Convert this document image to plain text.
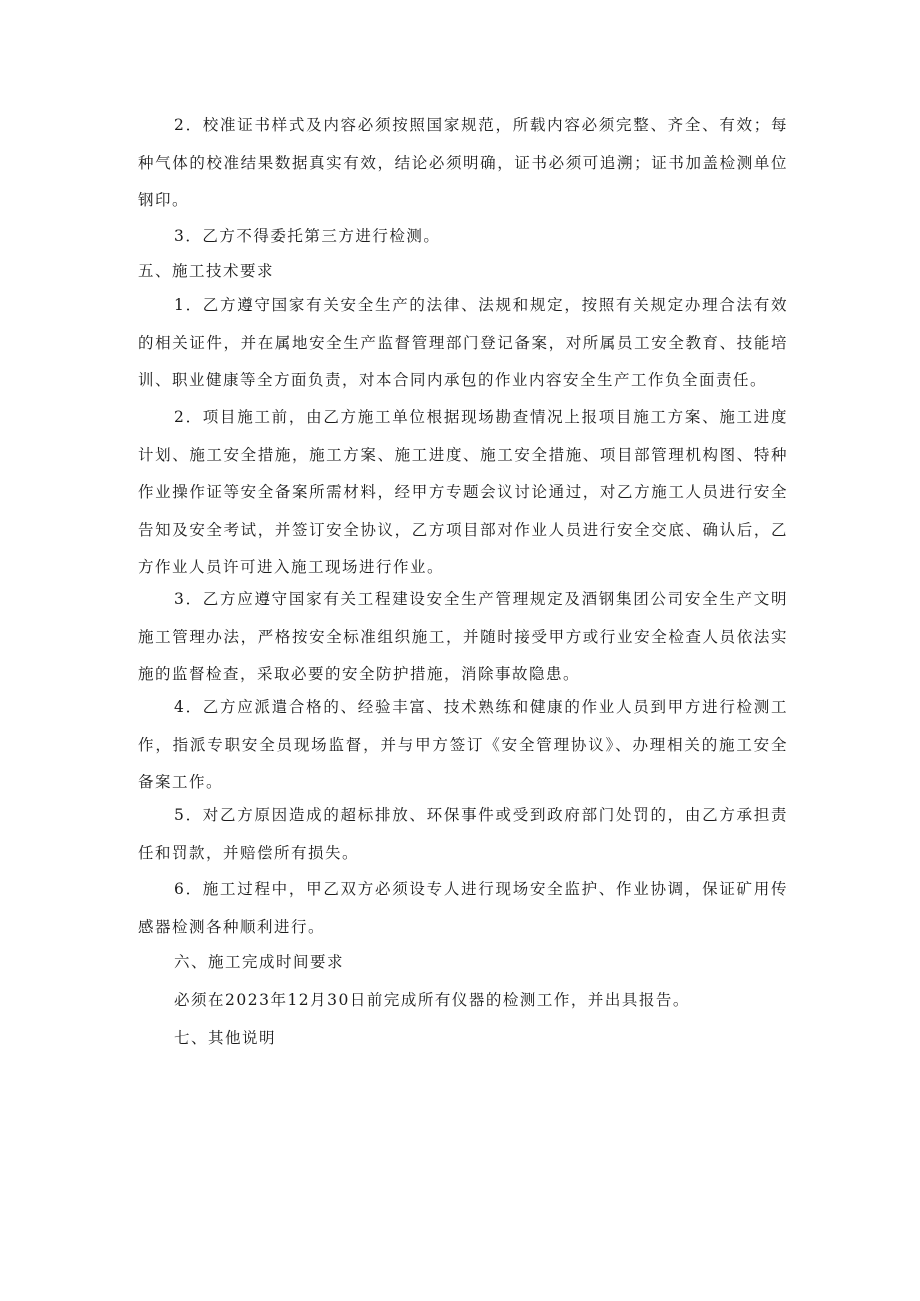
2．校准证书样式及内容必须按照国家规范，所载内容必须完整、齐全、有效；每种气体的校准结果数据真实有效，结论必须明确，证书必须可追溯；证书加盖检测单位钢印。

3．乙方不得委托第三方进行检测。

五、施工技术要求

1．乙方遵守国家有关安全生产的法律、法规和规定，按照有关规定办理合法有效的相关证件，并在属地安全生产监督管理部门登记备案，对所属员工安全教育、技能培训、职业健康等全方面负责，对本合同内承包的作业内容安全生产工作负全面责任。

2．项目施工前，由乙方施工单位根据现场勘查情况上报项目施工方案、施工进度计划、施工安全措施，施工方案、施工进度、施工安全措施、项目部管理机构图、特种作业操作证等安全备案所需材料，经甲方专题会议讨论通过，对乙方施工人员进行安全告知及安全考试，并签订安全协议，乙方项目部对作业人员进行安全交底、确认后，乙方作业人员许可进入施工现场进行作业。

3．乙方应遵守国家有关工程建设安全生产管理规定及酒钢集团公司安全生产文明施工管理办法，严格按安全标准组织施工，并随时接受甲方或行业安全检查人员依法实施的监督检查，采取必要的安全防护措施，消除事故隐患。

4．乙方应派遣合格的、经验丰富、技术熟练和健康的作业人员到甲方进行检测工作，指派专职安全员现场监督，并与甲方签订《安全管理协议》、办理相关的施工安全备案工作。

5．对乙方原因造成的超标排放、环保事件或受到政府部门处罚的，由乙方承担责任和罚款，并赔偿所有损失。

6．施工过程中，甲乙双方必须设专人进行现场安全监护、作业协调，保证矿用传感器检测各种顺利进行。

六、施工完成时间要求

必须在2023年12月30日前完成所有仪器的检测工作，并出具报告。

七、其他说明
